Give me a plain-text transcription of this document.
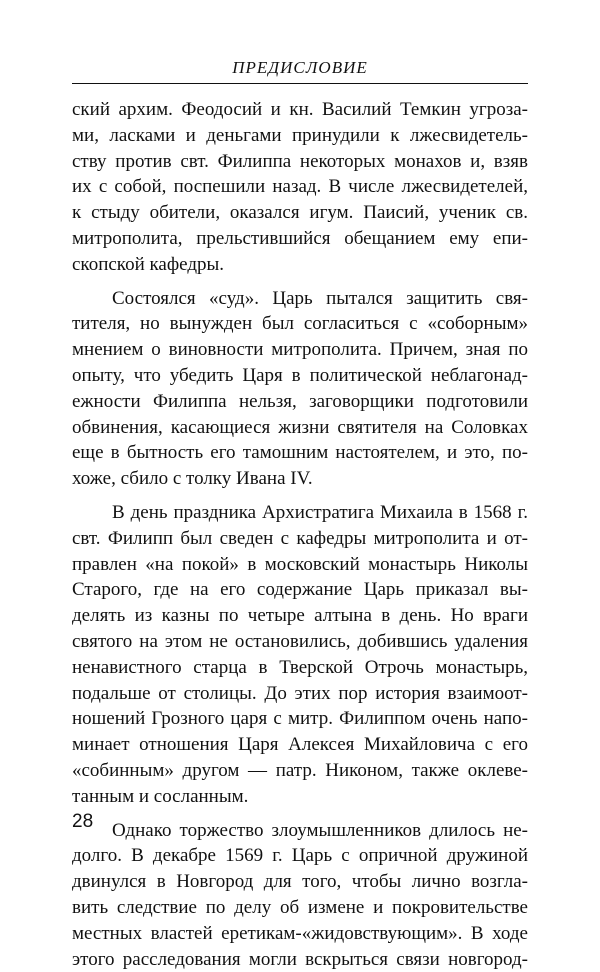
ПРЕДИСЛОВИЕ
ский архим. Феодосий и кн. Василий Темкин угроза-
ми, ласками и деньгами принудили к лжесвидетель-
ству против свт. Филиппа некоторых монахов и, взяв
их с собой, поспешили назад. В числе лжесвидетелей,
к стыду обители, оказался игум. Паисий, ученик св.
митрополита, прельстившийся обещанием ему епи-
скопской кафедры.
Состоялся «суд». Царь пытался защитить свя-
тителя, но вынужден был согласиться с «соборным»
мнением о виновности митрополита. Причем, зная по
опыту, что убедить Царя в политической неблагонад-
ежности Филиппа нельзя, заговорщики подготовили
обвинения, касающиеся жизни святителя на Соловках
еще в бытность его тамошним настоятелем, и это, по-
хоже, сбило с толку Ивана IV.
В день праздника Архистратига Михаила в 1568 г.
свт. Филипп был сведен с кафедры митрополита и от-
правлен «на покой» в московский монастырь Николы
Старого, где на его содержание Царь приказал вы-
делять из казны по четыре алтына в день. Но враги
святого на этом не остановились, добившись удаления
ненавистного старца в Тверской Отрочь монастырь,
подальше от столицы. До этих пор история взаимоот-
ношений Грозного царя с митр. Филиппом очень напо-
минает отношения Царя Алексея Михайловича с его
«собинным» другом — патр. Никоном, также оклеве-
танным и сосланным.
Однако торжество злоумышленников длилось не-
долго. В декабре 1569 г. Царь с опричной дружиной
двинулся в Новгород для того, чтобы лично возгла-
вить следствие по делу об измене и покровительстве
местных властей еретикам-«жидовствующим». В ходе
этого расследования могли вскрыться связи новгород-
28
